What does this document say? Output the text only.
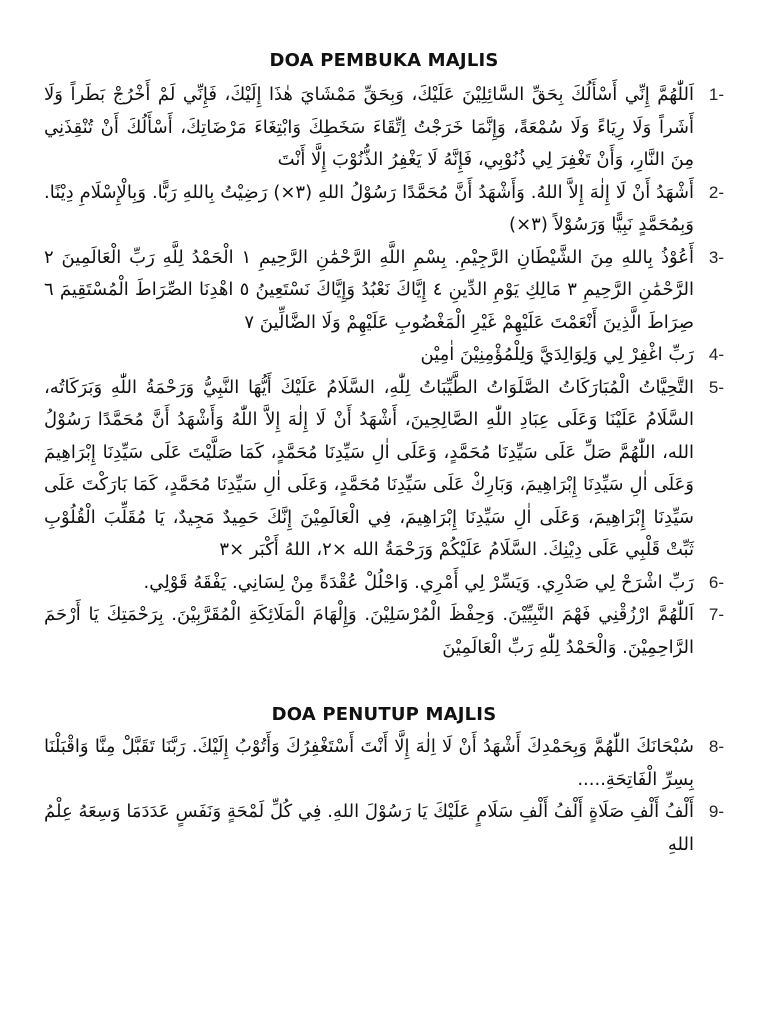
DOA PEMBUKA MAJLIS

1-
اَللّٰهُمَّ إِنِّي أَسْأَلُكَ بِحَقِّ السَّائِلِيْنَ عَلَيْكَ، وَبِحَقِّ مَمْشَايَ هٰذَا إِلَيْكَ، فَإِنِّي لَمْ أَخْرُجْ بَطَراً وَلَا أَشَراً وَلَا رِيَاءً وَلَا سُمْعَةً، وَإِنَّمَا خَرَجْتُ اِتِّقَاءَ سَخَطِكَ وَابْتِغَاءَ مَرْضَاتِكَ، أَسْأَلُكَ أَنْ تُنْقِذَنِي مِنَ النَّارِ، وَأَنْ تَغْفِرَ لِي ذُنُوْبِي، فَإِنَّهُ لَا يَغْفِرُ الذُّنُوْبَ إِلَّا أَنْتَ

2-
أَشْهَدُ أَنْ لَا إِلٰهَ إِلاَّ اللهُ. وَأَشْهَدُ أَنَّ مُحَمَّدًا رَسُوْلُ اللهِ (٣×) رَضِيْتُ بِاللهِ رَبًّا. وَبِالْإِسْلَامِ دِيْنًا. وَبِمُحَمَّدٍ نَبِيًّا وَرَسُوْلاً (٣×)

3-
أَعُوْذُ بِاللهِ مِنَ الشَّيْطَانِ الرَّجِيْمِ. بِسْمِ اللَّهِ الرَّحْمَٰنِ الرَّحِيمِ ١ الْحَمْدُ لِلَّهِ رَبِّ الْعَالَمِينَ ٢ الرَّحْمَٰنِ الرَّحِيمِ ٣ مَالِكِ يَوْمِ الدِّينِ ٤ إِيَّاكَ نَعْبُدُ وَإِيَّاكَ نَسْتَعِينُ ٥ اهْدِنَا الصِّرَاطَ الْمُسْتَقِيمَ ٦ صِرَاطَ الَّذِينَ أَنْعَمْتَ عَلَيْهِمْ غَيْرِ الْمَغْضُوبِ عَلَيْهِمْ وَلَا الضَّالِّينَ ٧

4-
رَبِّ اغْفِرْ لِي وَلِوَالِدَيَّ وَلِلْمُؤْمِنِيْنَ اٰمِيْن

5-
التَّحِيَّاتُ الْمُبَارَكَاتُ الصَّلَوَاتُ الطَّيِّبَاتُ لِلّٰهِ، السَّلَامُ عَلَيْكَ أَيُّهَا النَّبِيُّ وَرَحْمَةُ اللّٰهِ وَبَرَكَاتُه، السَّلَامُ عَلَيْنَا وَعَلَى عِبَادِ اللّٰهِ الصَّالِحِينَ، أَشْهَدُ أَنْ لَا إِلٰهَ إِلاَّ اللّٰهُ وَأَشْهَدُ أَنَّ مُحَمَّدًا رَسُوْلُ الله، اللّٰهُمَّ صَلِّ عَلَى سَيِّدِنَا مُحَمَّدٍ، وَعَلَى اٰلِ سَيِّدِنَا مُحَمَّدٍ، كَمَا صَلَّيْتَ عَلَى سَيِّدِنَا إِبْرَاهِيمَ وَعَلَى اٰلِ سَيِّدِنَا إِبْرَاهِيمَ، وَبَارِكْ عَلَى سَيِّدِنَا مُحَمَّدٍ، وَعَلَى اٰلِ سَيِّدِنَا مُحَمَّدٍ، كَمَا بَارَكْتَ عَلَى سَيِّدِنَا إِبْرَاهِيمَ، وَعَلَى اٰلِ سَيِّدِنَا إِبْرَاهِيمَ، فِي الْعَالَمِيْنَ إِنَّكَ حَمِيدٌ مَجِيدٌ، يَا مُقَلِّبَ الْقُلُوْبِ ثَبِّتْ قَلْبِي عَلَى دِيْنِكَ. السَّلَامُ عَلَيْكُمْ وَرَحْمَةُ الله ×٢، اللهُ أَكْبَر ×٣

6-
رَبِّ اشْرَحْ لِي صَدْرِي. وَيَسِّرْ لِي أَمْرِي. وَاحْلُلْ عُقْدَةً مِنْ لِسَانِي. يَفْقَهُ قَوْلِي.

7-
اَللّٰهُمَّ ارْزُقْنِي فَهْمَ النَّبِيِّيْنَ. وَحِفْظَ الْمُرْسَلِيْنَ. وَإِلْهَامَ الْمَلَائِكَةِ الْمُقَرَّبِيْنَ. بِرَحْمَتِكَ يَا أَرْحَمَ الرَّاحِمِيْنَ. وَالْحَمْدُ لِلّٰهِ رَبِّ الْعَالَمِيْنَ

DOA PENUTUP MAJLIS

8-
سُبْحَانَكَ اللّٰهُمَّ وَبِحَمْدِكَ أَشْهَدُ أَنْ لَا اِلٰهَ إِلَّا أَنْتَ أَسْتَغْفِرُكَ وَأَتُوْبُ إِلَيْكَ. رَبَّنَا تَقَبَّلْ مِنَّا وَاقْبَلْنَا بِسِرِّ الْفَاتِحَةِ.....

9-
أَلْفُ أَلْفِ صَلَاةٍ أَلْفُ أَلْفِ سَلَامٍ عَلَيْكَ يَا رَسُوْلَ اللهِ. فِي كُلِّ لَمْحَةٍ وَنَفَسٍ عَدَدَمَا وَسِعَهُ عِلْمُ اللهِ
